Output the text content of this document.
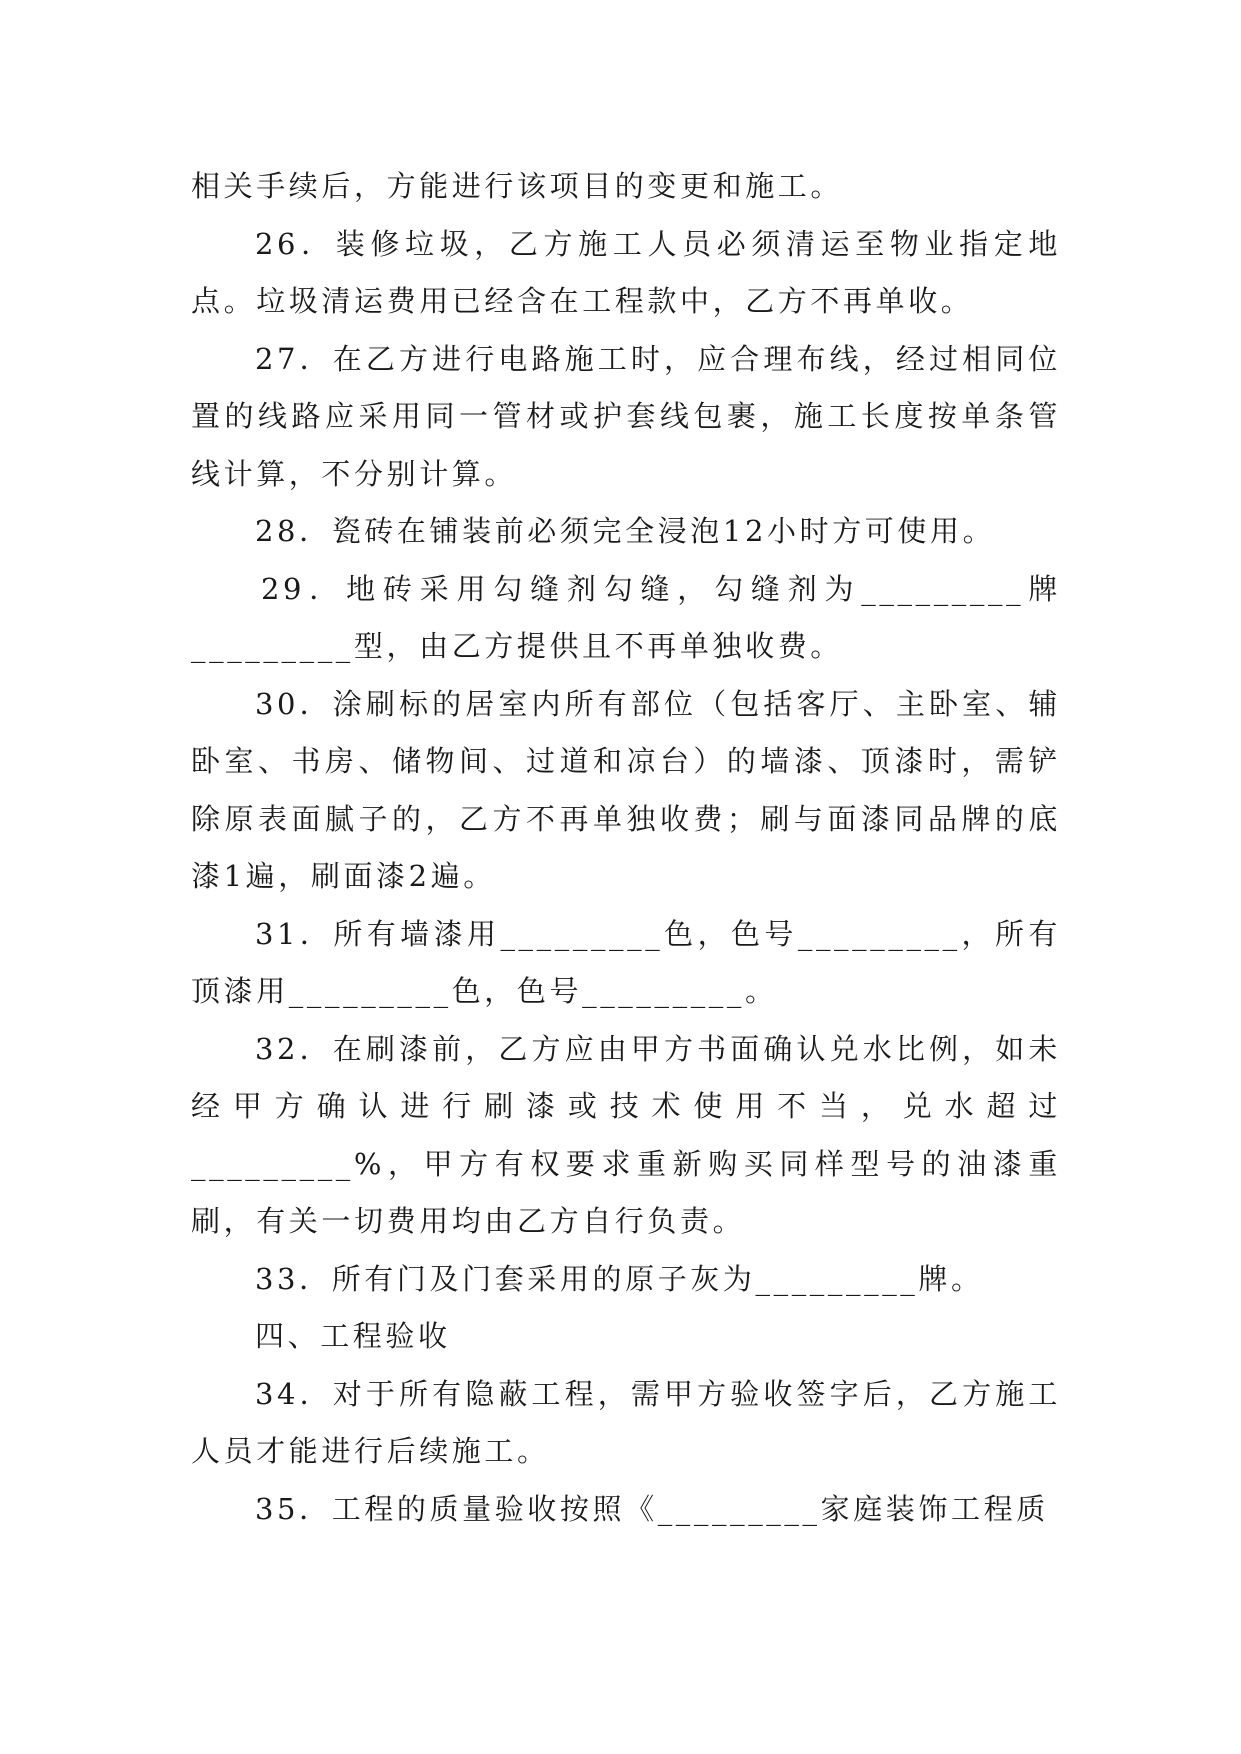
相关手续后，方能进行该项目的变更和施工。

26．装修垃圾，乙方施工人员必须清运至物业指定地点。垃圾清运费用已经含在工程款中，乙方不再单收。

27．在乙方进行电路施工时，应合理布线，经过相同位置的线路应采用同一管材或护套线包裹，施工长度按单条管线计算，不分别计算。

28．瓷砖在铺装前必须完全浸泡12小时方可使用。

29．地砖采用勾缝剂勾缝，勾缝剂为_________牌_________型，由乙方提供且不再单独收费。

30．涂刷标的居室内所有部位（包括客厅、主卧室、辅卧室、书房、储物间、过道和凉台）的墙漆、顶漆时，需铲除原表面腻子的，乙方不再单独收费；刷与面漆同品牌的底漆1遍，刷面漆2遍。

31．所有墙漆用_________色，色号_________，所有顶漆用_________色，色号_________。

32．在刷漆前，乙方应由甲方书面确认兑水比例，如未经甲方确认进行刷漆或技术使用不当，兑水超过_________%，甲方有权要求重新购买同样型号的油漆重刷，有关一切费用均由乙方自行负责。

33．所有门及门套采用的原子灰为_________牌。

四、工程验收

34．对于所有隐蔽工程，需甲方验收签字后，乙方施工人员才能进行后续施工。

35．工程的质量验收按照《_________家庭装饰工程质
